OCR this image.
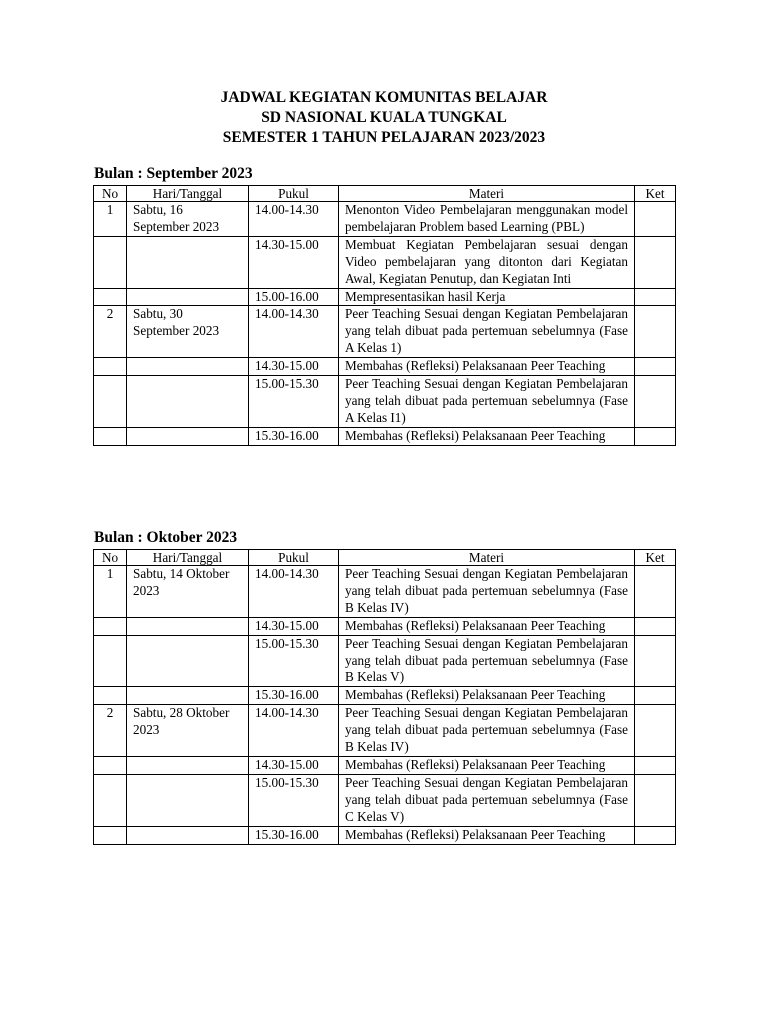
JADWAL KEGIATAN KOMUNITAS BELAJAR
SD NASIONAL KUALA TUNGKAL
SEMESTER 1 TAHUN PELAJARAN 2023/2023
Bulan : September 2023
No	Hari/Tanggal	Pukul	Materi	Ket
1	Sabtu, 16 September 2023	14.00-14.30	Menonton Video Pembelajaran menggunakan model pembelajaran Problem based Learning (PBL)	
		14.30-15.00	Membuat Kegiatan Pembelajaran sesuai dengan Video pembelajaran yang ditonton dari Kegiatan Awal, Kegiatan Penutup, dan Kegiatan Inti	
		15.00-16.00	Mempresentasikan hasil Kerja	
2	Sabtu, 30 September 2023	14.00-14.30	Peer Teaching Sesuai dengan Kegiatan Pembelajaran yang telah dibuat pada pertemuan sebelumnya (Fase A Kelas 1)	
		14.30-15.00	Membahas (Refleksi) Pelaksanaan Peer Teaching	
		15.00-15.30	Peer Teaching Sesuai dengan Kegiatan Pembelajaran yang telah dibuat pada pertemuan sebelumnya (Fase A Kelas I1)	
		15.30-16.00	Membahas (Refleksi) Pelaksanaan Peer Teaching	
Bulan : Oktober 2023
No	Hari/Tanggal	Pukul	Materi	Ket
1	Sabtu, 14 Oktober 2023	14.00-14.30	Peer Teaching Sesuai dengan Kegiatan Pembelajaran yang telah dibuat pada pertemuan sebelumnya (Fase B Kelas IV)	
		14.30-15.00	Membahas (Refleksi) Pelaksanaan Peer Teaching	
		15.00-15.30	Peer Teaching Sesuai dengan Kegiatan Pembelajaran yang telah dibuat pada pertemuan sebelumnya (Fase B Kelas V)	
		15.30-16.00	Membahas (Refleksi) Pelaksanaan Peer Teaching	
2	Sabtu, 28 Oktober 2023	14.00-14.30	Peer Teaching Sesuai dengan Kegiatan Pembelajaran yang telah dibuat pada pertemuan sebelumnya (Fase B Kelas IV)	
		14.30-15.00	Membahas (Refleksi) Pelaksanaan Peer Teaching	
		15.00-15.30	Peer Teaching Sesuai dengan Kegiatan Pembelajaran yang telah dibuat pada pertemuan sebelumnya (Fase C Kelas V)	
		15.30-16.00	Membahas (Refleksi) Pelaksanaan Peer Teaching	
